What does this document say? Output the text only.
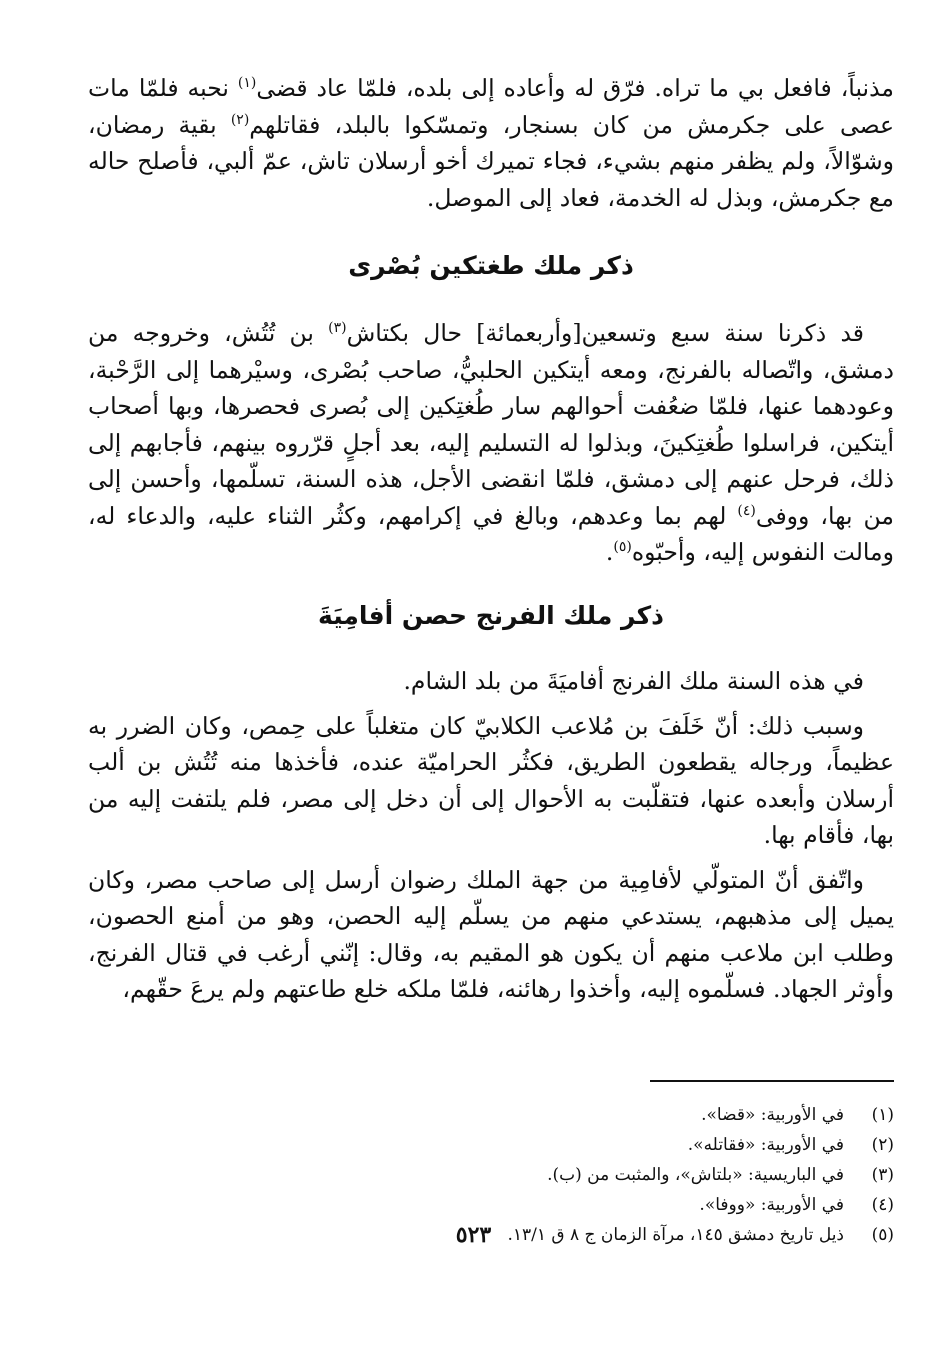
مذنباً، فافعل بي ما تراه. فرّق له وأعاده إلى بلده، فلمّا عاد قضى$^{(١)}$ نحبه فلمّا مات عصى على جكرمش من كان بسنجار، وتمسّكوا بالبلد، فقاتلهم$^{(٢)}$ بقية رمضان، وشوّالاً، ولم يظفر منهم بشيء، فجاء تميرك أخو أرسلان تاش، عمّ ألبي، فأصلح حاله مع جكرمش، وبذل له الخدمة، فعاد إلى الموصل.

ذكر ملك طغتكين بُصْرى

قد ذكرنا سنة سبع وتسعين[وأربعمائة] حال بكتاش$^{(٣)}$ بن تُتُش، وخروجه من دمشق، واتّصاله بالفرنج، ومعه أيتكين الحلبيُّ، صاحب بُصْرى، وسيْرهما إلى الرَّحْبة، وعودهما عنها، فلمّا ضعُفت أحوالهم سار طُغتِكين إلى بُصرى فحصرها، وبها أصحاب أيتكين، فراسلوا طُغتِكينَ، وبذلوا له التسليم إليه، بعد أجلٍ قرّروه بينهم، فأجابهم إلى ذلك، فرحل عنهم إلى دمشق، فلمّا انقضى الأجل، هذه السنة، تسلّمها، وأحسن إلى من بها، ووفى$^{(٤)}$ لهم بما وعدهم، وبالغ في إكرامهم، وكثُر الثناء عليه، والدعاء له، ومالت النفوس إليه، وأحبّوه$^{(٥)}$.

ذكر ملك الفرنج حصن أفامِيَةَ

في هذه السنة ملك الفرنج أفاميَةَ من بلد الشام.

وسبب ذلك: أنّ خَلَفَ بن مُلاعب الكلابيّ كان متغلباً على حِمص، وكان الضرر به عظيماً، ورجاله يقطعون الطريق، فكثُر الحراميّة عنده، فأخذها منه تُتُش بن ألب أرسلان وأبعده عنها، فتقلّبت به الأحوال إلى أن دخل إلى مصر، فلم يلتفت إليه من بها، فأقام بها.

واتّفق أنّ المتولّي لأفامِية من جهة الملك رضوان أرسل إلى صاحب مصر، وكان يميل إلى مذهبهم، يستدعي منهم من يسلّم إليه الحصن، وهو من أمنع الحصون، وطلب ابن ملاعب منهم أن يكون هو المقيم به، وقال: إنّني أرغب في قتال الفرنج، وأوثر الجهاد. فسلّموه إليه، وأخذوا رهائنه، فلمّا ملكه خلع طاعتهم ولم يرعَ حقّهم،

(١)في الأوربية: «قضا».
(٢)في الأوربية: «فقاتله».
(٣)في الباريسية: «بلتاش»، والمثبت من (ب).
(٤)في الأوربية: «ووفا».
(٥)ذيل تاريخ دمشق ١٤٥، مرآة الزمان ج ٨ ق ١٣/١.
٥٢٣
